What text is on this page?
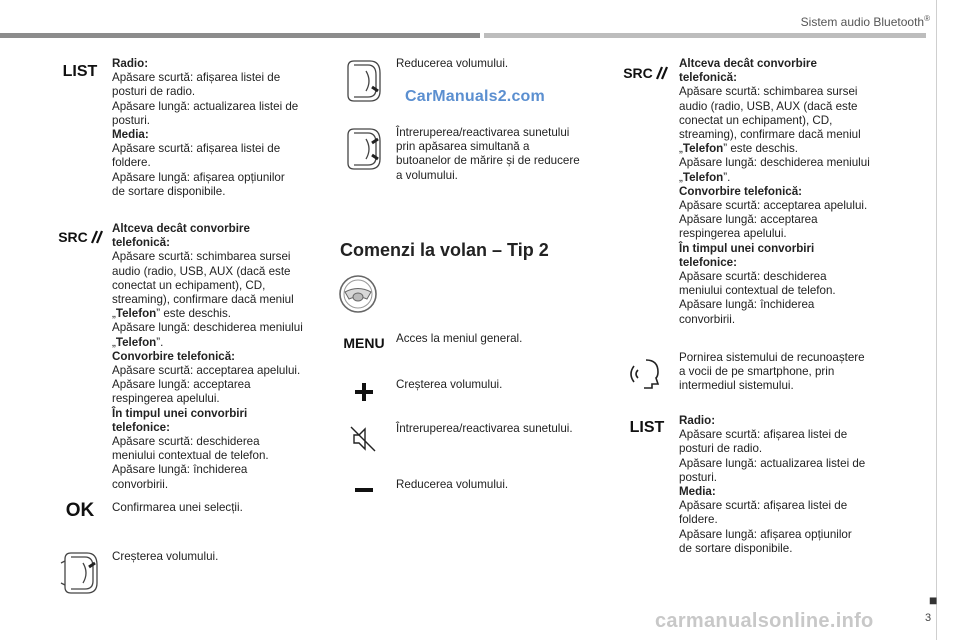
Sistem audio Bluetooth®
CarManuals2.com
carmanualsonline.info
■
3
LIST Radio:

Apăsare scurtă: afișarea listei de

posturi de radio.

Apăsare lungă: actualizarea listei de

posturi.

Media:

Apăsare scurtă: afișarea listei de

foldere.

Apăsare lungă: afișarea opțiunilor

de sortare disponibile.

SRC

Altceva decât convorbire

telefonică:

Apăsare scurtă: schimbarea sursei

audio (radio, USB, AUX (dacă este

conectat un echipament), CD,

streaming), confirmare dacă meniul

„Telefon” este deschis.

Apăsare lungă: deschiderea meniului

„Telefon”.

Convorbire telefonică:

Apăsare scurtă: acceptarea apelului.

Apăsare lungă: acceptarea

respingerea apelului.

În timpul unei convorbiri

telefonice:

Apăsare scurtă: deschiderea

meniului contextual de telefon.

Apăsare lungă: închiderea

convorbirii.

OK Confirmarea unei selecții.
Creșterea volumului.
Reducerea volumului.

Întreruperea/reactivarea sunetului

prin apăsarea simultană a

butoanelor de mărire și de reducere

a volumului.

Comenzi la volan – Tip 2
MENU Acces la meniul general.
Creșterea volumului.
Întreruperea/reactivarea sunetului.
Reducerea volumului.
SRC

Altceva decât convorbire

telefonică:

Apăsare scurtă: schimbarea sursei

audio (radio, USB, AUX (dacă este

conectat un echipament), CD,

streaming), confirmare dacă meniul

„Telefon” este deschis.

Apăsare lungă: deschiderea meniului

„Telefon”.

Convorbire telefonică:

Apăsare scurtă: acceptarea apelului.

Apăsare lungă: acceptarea

respingerea apelului.

În timpul unei convorbiri

telefonice:

Apăsare scurtă: deschiderea

meniului contextual de telefon.

Apăsare lungă: închiderea

convorbirii.

Pornirea sistemului de recunoaștere

a vocii de pe smartphone, prin

intermediul sistemului.

LIST Radio:

Apăsare scurtă: afișarea listei de

posturi de radio.

Apăsare lungă: actualizarea listei de

posturi.

Media:

Apăsare scurtă: afișarea listei de

foldere.

Apăsare lungă: afișarea opțiunilor

de sortare disponibile.
